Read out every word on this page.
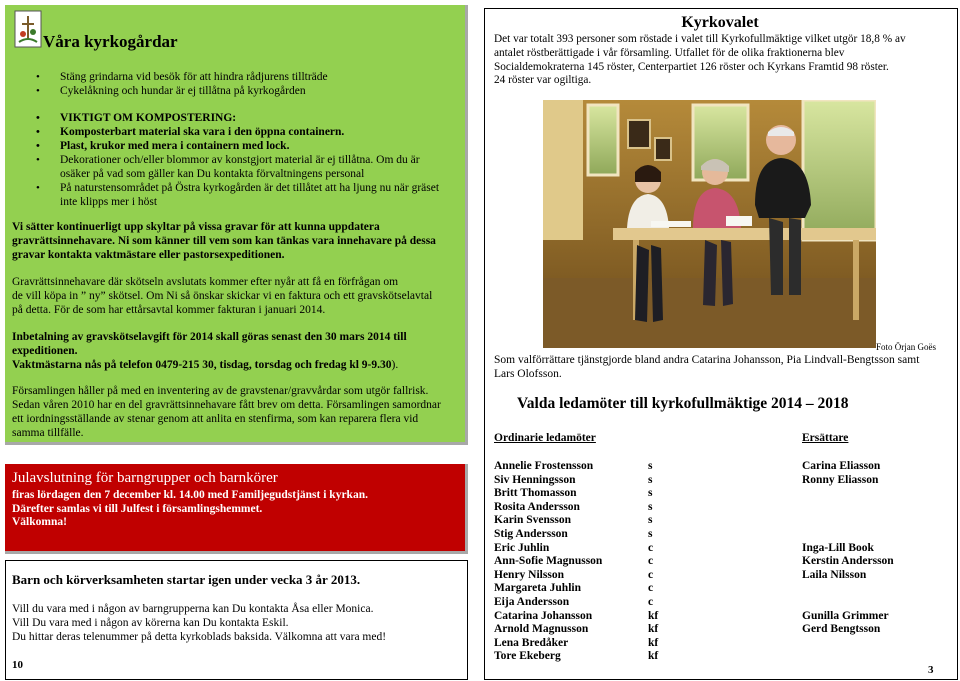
Våra kyrkogårdar
• Stäng grindarna vid besök för att hindra rådjurens tillträde
• Cykelåkning och hundar är ej tillåtna på kyrkogården
• VIKTIGT OM KOMPOSTERING:
• Komposterbart material ska vara i den öppna containern.
• Plast, krukor med mera i containern med lock.
• Dekorationer och/eller blommor av konstgjort material är ej tillåtna. Om du är
osäker på vad som gäller kan Du kontakta förvaltningens personal
• På naturstensområdet på Östra kyrkogården är det tillåtet att ha ljung nu när gräset
inte klipps mer i höst
Vi sätter kontinuerligt upp skyltar på vissa gravar för att kunna uppdatera
gravrättsinnehavare. Ni som känner till vem som kan tänkas vara innehavare på dessa
gravar kontakta vaktmästare eller pastorsexpeditionen.
Gravrättsinnehavare där skötseln avslutats kommer efter nyår att få en förfrågan om
de vill köpa in ” ny” skötsel. Om Ni så önskar skickar vi en faktura och ett gravskötselavtal
på detta. För de som har ettårsavtal kommer fakturan i januari 2014.
Inbetalning av gravskötselavgift för 2014 skall göras senast den 30 mars 2014 till
expeditionen.
Vaktmästarna nås på telefon 0479-215 30, tisdag, torsdag och fredag kl 9-9.30).
Församlingen håller på med en inventering av de gravstenar/gravvårdar som utgör fallrisk.
Sedan våren 2010 har en del gravrättsinnehavare fått brev om detta. Församlingen samordnar
ett iordningsställande av stenar genom att anlita en stenfirma, som kan reparera flera vid
samma tillfälle.
Julavslutning för barngrupper och barnkörer
firas lördagen den 7 december kl. 14.00 med Familjegudstjänst i kyrkan.
Därefter samlas vi till Julfest i församlingshemmet.
Välkomna!
Barn och körverksamheten startar igen under vecka 3 år 2013.
Vill du vara med i någon av barngrupperna kan Du kontakta Åsa eller Monica.
Vill Du vara med i någon av körerna kan Du kontakta Eskil.
Du hittar deras telenummer på detta kyrkoblads baksida. Välkomna att vara med!
10
Kyrkovalet
Det var totalt 393 personer som röstade i valet till Kyrkofullmäktige vilket utgör 18,8 % av
antalet röstberättigade i vår församling. Utfallet för de olika fraktionerna blev
Socialdemokraterna 145 röster, Centerpartiet 126 röster och Kyrkans Framtid 98 röster.
24 röster var ogiltiga.
Foto Örjan Goës
Som valförrättare tjänstgjorde bland andra Catarina Johansson, Pia Lindvall-Bengtsson samt
Lars Olofsson.
Valda ledamöter till kyrkofullmäktige 2014 – 2018
Ordinarie ledamöter	Ersättare
Annelie Frostensson
Siv Henningsson
Britt Thomasson
Rosita Andersson
Karin Svensson
Stig Andersson
Eric Juhlin
Ann-Sofie Magnusson
Henry Nilsson
Margareta Juhlin
Eija Andersson
Catarina Johansson
Arnold Magnusson
Lena Bredåker
Tore Ekeberg
s
s
s
s
s
s
c
c
c
c
c
kf
kf
kf
kf
Carina Eliasson
Ronny Eliasson
Inga-Lill Book
Kerstin Andersson
Laila Nilsson
Gunilla Grimmer
Gerd Bengtsson
3
